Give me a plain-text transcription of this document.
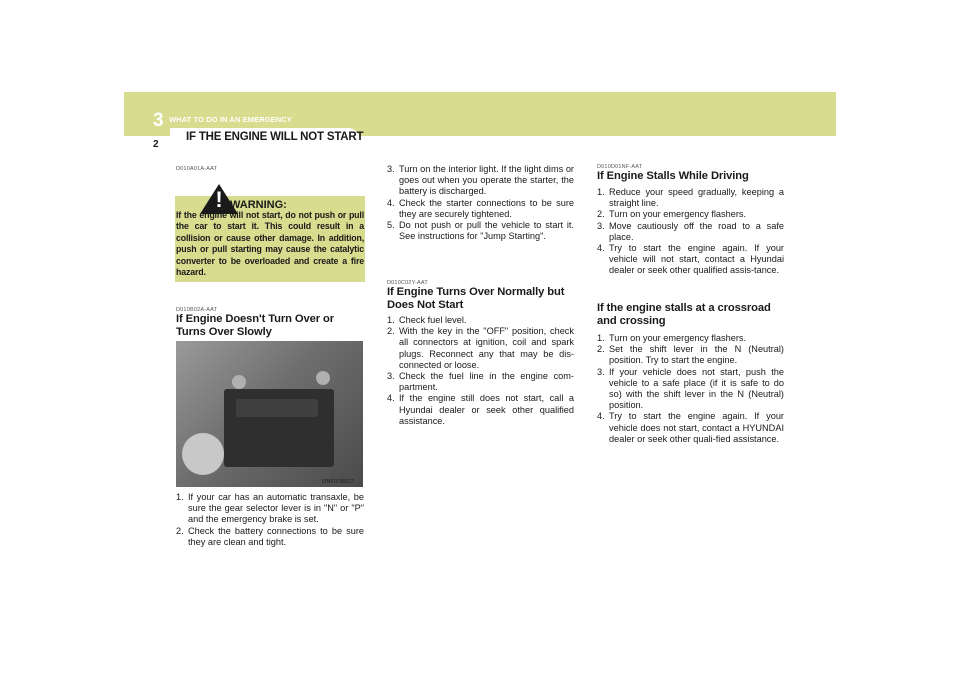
3 WHAT TO DO IN AN EMERGENCY
IF THE ENGINE WILL NOT START
2
D010A01A-AAT
! WARNING:
If the engine will not start, do not push or pull the car to start it. This could result in a collision or cause other damage. In addition, push or pull starting may cause the catalytic converter to be overloaded and create a fire hazard.
D010B02A-AAT
If Engine Doesn't Turn Over or Turns Over Slowly
ONF078017
1. If your car has an automatic transaxle, be sure the gear selector lever is in "N" or "P" and the emergency brake is set.
2. Check the battery connections to be sure they are clean and tight.
3. Turn on the interior light. If the light dims or goes out when you operate the starter, the battery is discharged.
4. Check the starter connections to be sure they are securely tightened.
5. Do not push or pull the vehicle to start it. See instructions for "Jump Starting".
D010C02Y-AAT
If Engine Turns Over Normally but Does Not Start
1. Check fuel level.
2. With the key in the "OFF" position, check all connectors at ignition, coil and spark plugs. Reconnect any that may be dis-connected or loose.
3. Check the fuel line in the engine com-partment.
4. If the engine still does not start, call a Hyundai dealer or seek other qualified assistance.
D010D01NF-AAT
If Engine Stalls While Driving
1. Reduce your speed gradually, keeping a straight line.
2. Turn on your emergency flashers.
3. Move cautiously off the road to a safe place.
4. Try to start the engine again. If your vehicle will not start, contact a Hyundai dealer or seek other qualified assis-tance.
If the engine stalls at a crossroad and crossing
1. Turn on your emergency flashers.
2. Set the shift lever in the N (Neutral) position. Try to start the engine.
3. If your vehicle does not start, push the vehicle to a safe place (if it is safe to do so) with the shift lever in the N (Neutral) position.
4. Try to start the engine again. If your vehicle does not start, contact a HYUNDAI dealer or seek other quali-fied assistance.
